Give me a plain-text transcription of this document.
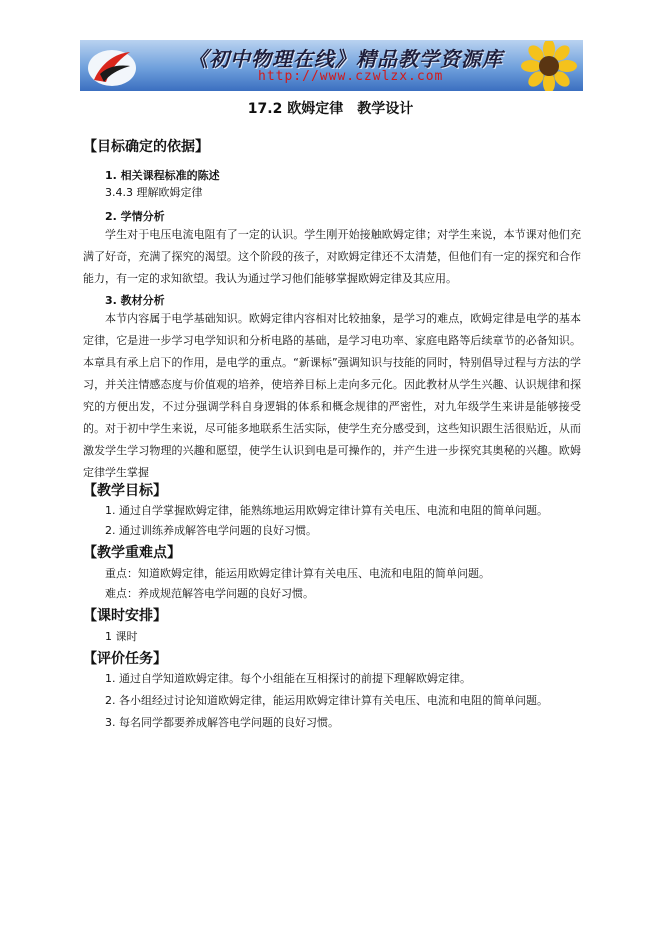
《初中物理在线》精品教学资源库
http://www.czwlzx.com
17.2 欧姆定律　教学设计
【目标确定的依据】
1. 相关课程标准的陈述
3.4.3 理解欧姆定律
2. 学情分析
学生对于电压电流电阻有了一定的认识。学生刚开始接触欧姆定律；对学生来说，本节课对他们充满了好奇，充满了探究的渴望。这个阶段的孩子，对欧姆定律还不太清楚，但他们有一定的探究和合作能力，有一定的求知欲望。我认为通过学习他们能够掌握欧姆定律及其应用。
3. 教材分析
本节内容属于电学基础知识。欧姆定律内容相对比较抽象，是学习的难点，欧姆定律是电学的基本定律，它是进一步学习电学知识和分析电路的基础，是学习电功率、家庭电路等后续章节的必备知识。本章具有承上启下的作用，是电学的重点。“新课标”强调知识与技能的同时，特别倡导过程与方法的学习，并关注情感态度与价值观的培养，使培养目标上走向多元化。因此教材从学生兴趣、认识规律和探究的方便出发，不过分强调学科自身逻辑的体系和概念规律的严密性，对九年级学生来讲是能够接受的。对于初中学生来说，尽可能多地联系生活实际，使学生充分感受到，这些知识跟生活很贴近，从而激发学生学习物理的兴趣和愿望，使学生认识到电是可操作的，并产生进一步探究其奥秘的兴趣。欧姆定律学生掌握
【教学目标】
1. 通过自学掌握欧姆定律，能熟练地运用欧姆定律计算有关电压、电流和电阻的简单问题。
2. 通过训练养成解答电学问题的良好习惯。
【教学重难点】
重点：知道欧姆定律，能运用欧姆定律计算有关电压、电流和电阻的简单问题。
难点：养成规范解答电学问题的良好习惯。
【课时安排】
1 课时
【评价任务】
1. 通过自学知道欧姆定律。每个小组能在互相探讨的前提下理解欧姆定律。
2. 各小组经过讨论知道欧姆定律，能运用欧姆定律计算有关电压、电流和电阻的简单问题。
3. 每名同学都要养成解答电学问题的良好习惯。
